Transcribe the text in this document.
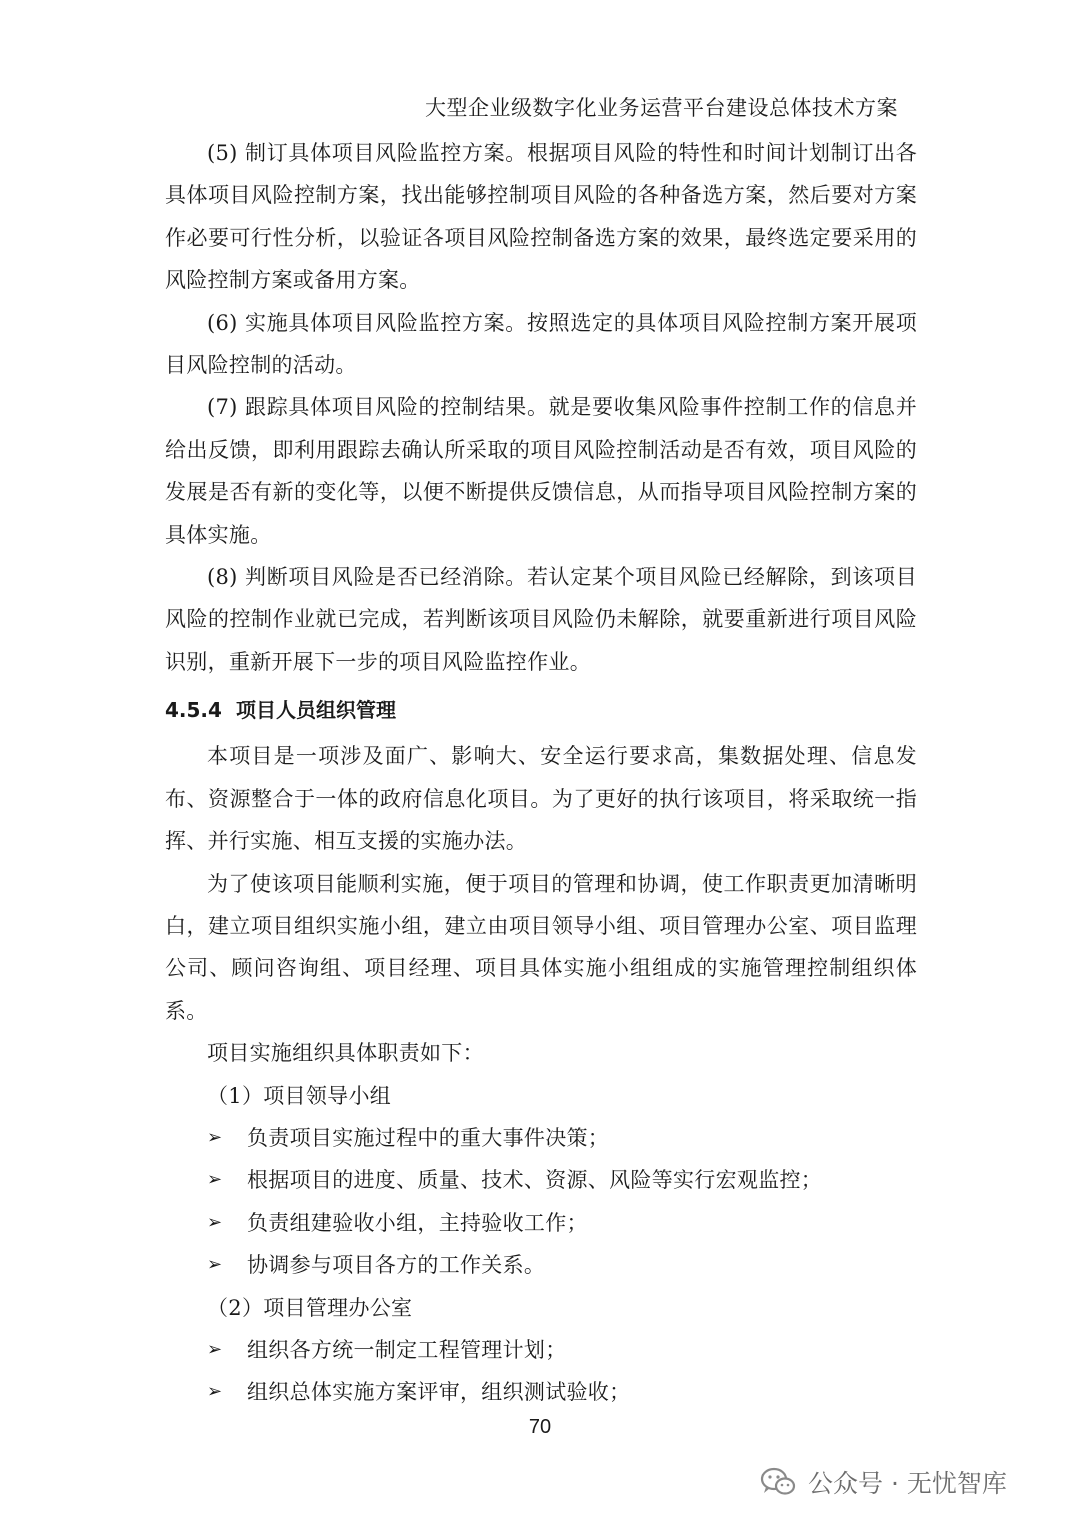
大型企业级数字化业务运营平台建设总体技术方案

(5) 制订具体项目风险监控方案。根据项目风险的特性和时间计划制订出各具体项目风险控制方案，找出能够控制项目风险的各种备选方案，然后要对方案作必要可行性分析，以验证各项目风险控制备选方案的效果，最终选定要采用的风险控制方案或备用方案。

(6) 实施具体项目风险监控方案。按照选定的具体项目风险控制方案开展项目风险控制的活动。

(7) 跟踪具体项目风险的控制结果。就是要收集风险事件控制工作的信息并给出反馈，即利用跟踪去确认所采取的项目风险控制活动是否有效，项目风险的发展是否有新的变化等，以便不断提供反馈信息，从而指导项目风险控制方案的具体实施。

(8) 判断项目风险是否已经消除。若认定某个项目风险已经解除，到该项目风险的控制作业就已完成，若判断该项目风险仍未解除，就要重新进行项目风险识别，重新开展下一步的项目风险监控作业。

4.5.4 项目人员组织管理

本项目是一项涉及面广、影响大、安全运行要求高，集数据处理、信息发布、资源整合于一体的政府信息化项目。为了更好的执行该项目，将采取统一指挥、并行实施、相互支援的实施办法。

为了使该项目能顺利实施，便于项目的管理和协调，使工作职责更加清晰明白，建立项目组织实施小组，建立由项目领导小组、项目管理办公室、项目监理公司、顾问咨询组、项目经理、项目具体实施小组组成的实施管理控制组织体系。

项目实施组织具体职责如下：

（1）项目领导小组

➢ 负责项目实施过程中的重大事件决策；
➢ 根据项目的进度、质量、技术、资源、风险等实行宏观监控；
➢ 负责组建验收小组，主持验收工作；
➢ 协调参与项目各方的工作关系。

（2）项目管理办公室

➢ 组织各方统一制定工程管理计划；
➢ 组织总体实施方案评审，组织测试验收；
70
公众号 · 无忧智库
